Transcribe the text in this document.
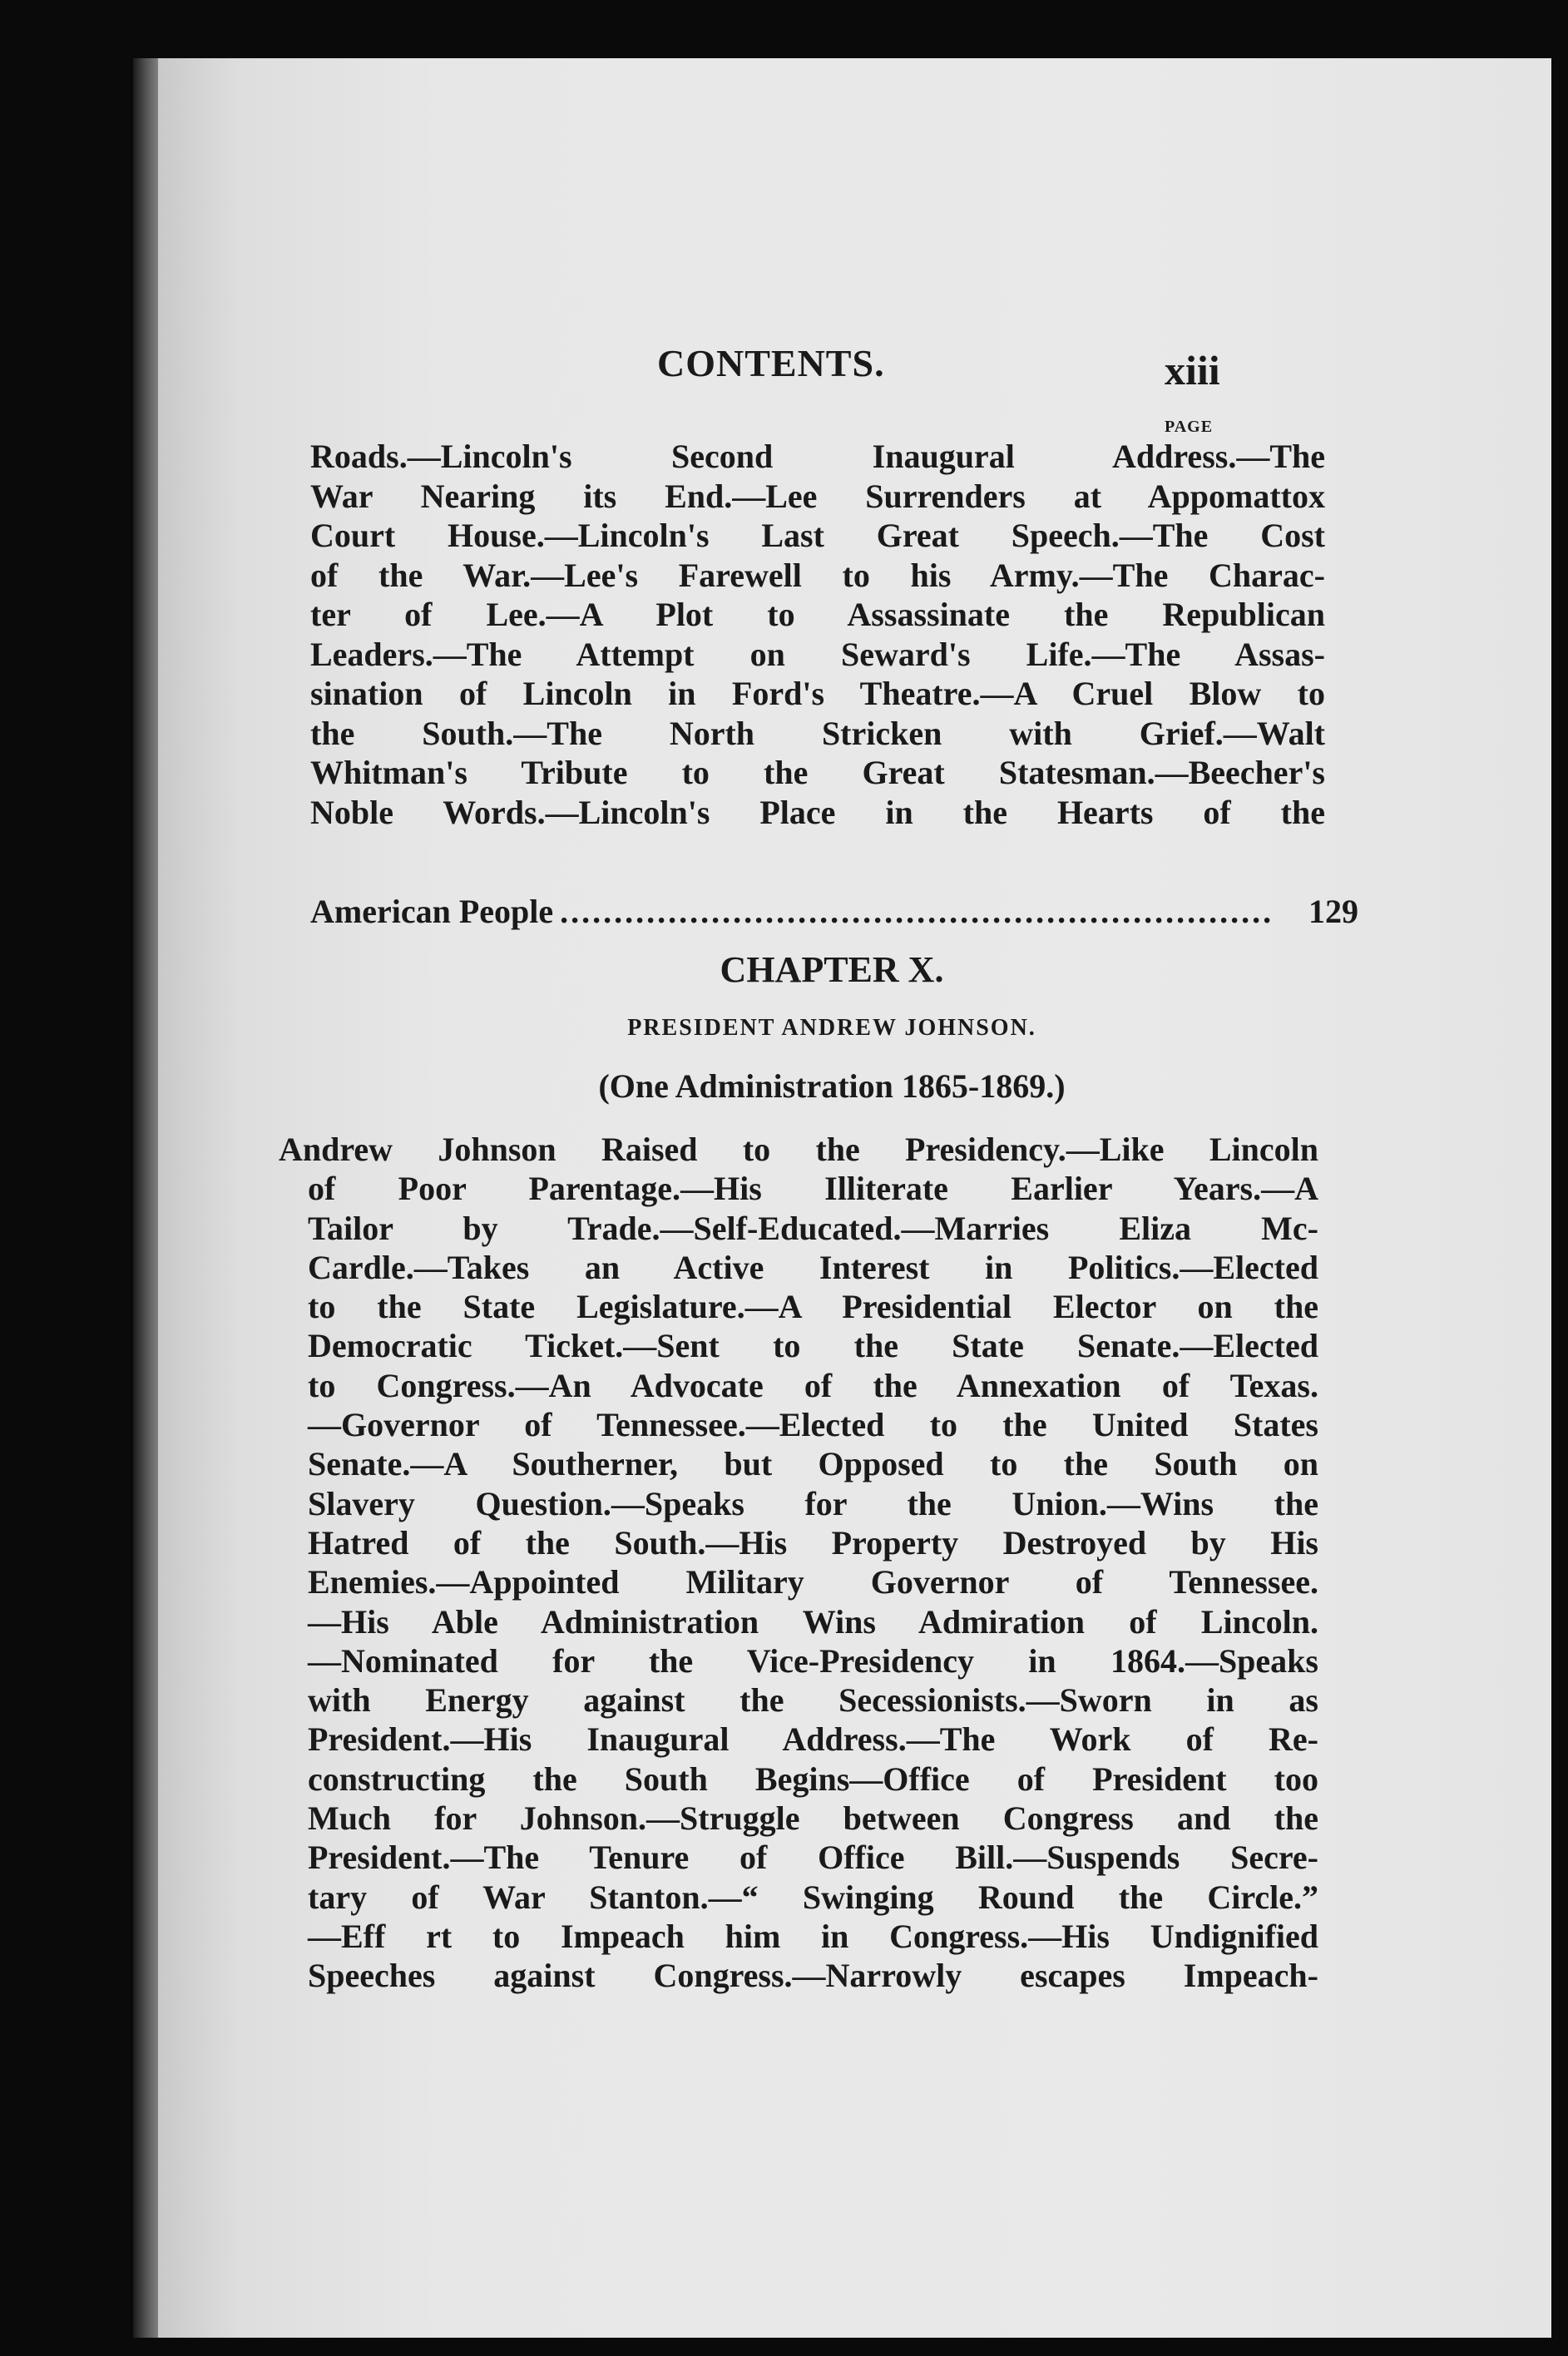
CONTENTS.	xiii
PAGE
Roads.—Lincoln's Second Inaugural Address.—The
War Nearing its End.—Lee Surrenders at Appomattox
Court House.—Lincoln's Last Great Speech.—The Cost
of the War.—Lee's Farewell to his Army.—The Charac-
ter of Lee.—A Plot to Assassinate the Republican
Leaders.—The Attempt on Seward's Life.—The Assas-
sination of Lincoln in Ford's Theatre.—A Cruel Blow to
the South.—The North Stricken with Grief.—Walt
Whitman's Tribute to the Great Statesman.—Beecher's
Noble Words.—Lincoln's Place in the Hearts of the
American People ..................................................................	129
CHAPTER X.
PRESIDENT ANDREW JOHNSON.
(One Administration 1865-1869.)
Andrew Johnson Raised to the Presidency.—Like Lincoln
of Poor Parentage.—His Illiterate Earlier Years.—A
Tailor by Trade.—Self-Educated.—Marries Eliza Mc-
Cardle.—Takes an Active Interest in Politics.—Elected
to the State Legislature.—A Presidential Elector on the
Democratic Ticket.—Sent to the State Senate.—Elected
to Congress.—An Advocate of the Annexation of Texas.
—Governor of Tennessee.—Elected to the United States
Senate.—A Southerner, but Opposed to the South on
Slavery Question.—Speaks for the Union.—Wins the
Hatred of the South.—His Property Destroyed by His
Enemies.—Appointed Military Governor of Tennessee.
—His Able Administration Wins Admiration of Lincoln.
—Nominated for the Vice-Presidency in 1864.—Speaks
with Energy against the Secessionists.—Sworn in as
President.—His Inaugural Address.—The Work of Re-
constructing the South Begins—Office of President too
Much for Johnson.—Struggle between Congress and the
President.—The Tenure of Office Bill.—Suspends Secre-
tary of War Stanton.—“ Swinging Round the Circle.”
—Eff rt to Impeach him in Congress.—His Undignified
Speeches against Congress.—Narrowly escapes Impeach-
